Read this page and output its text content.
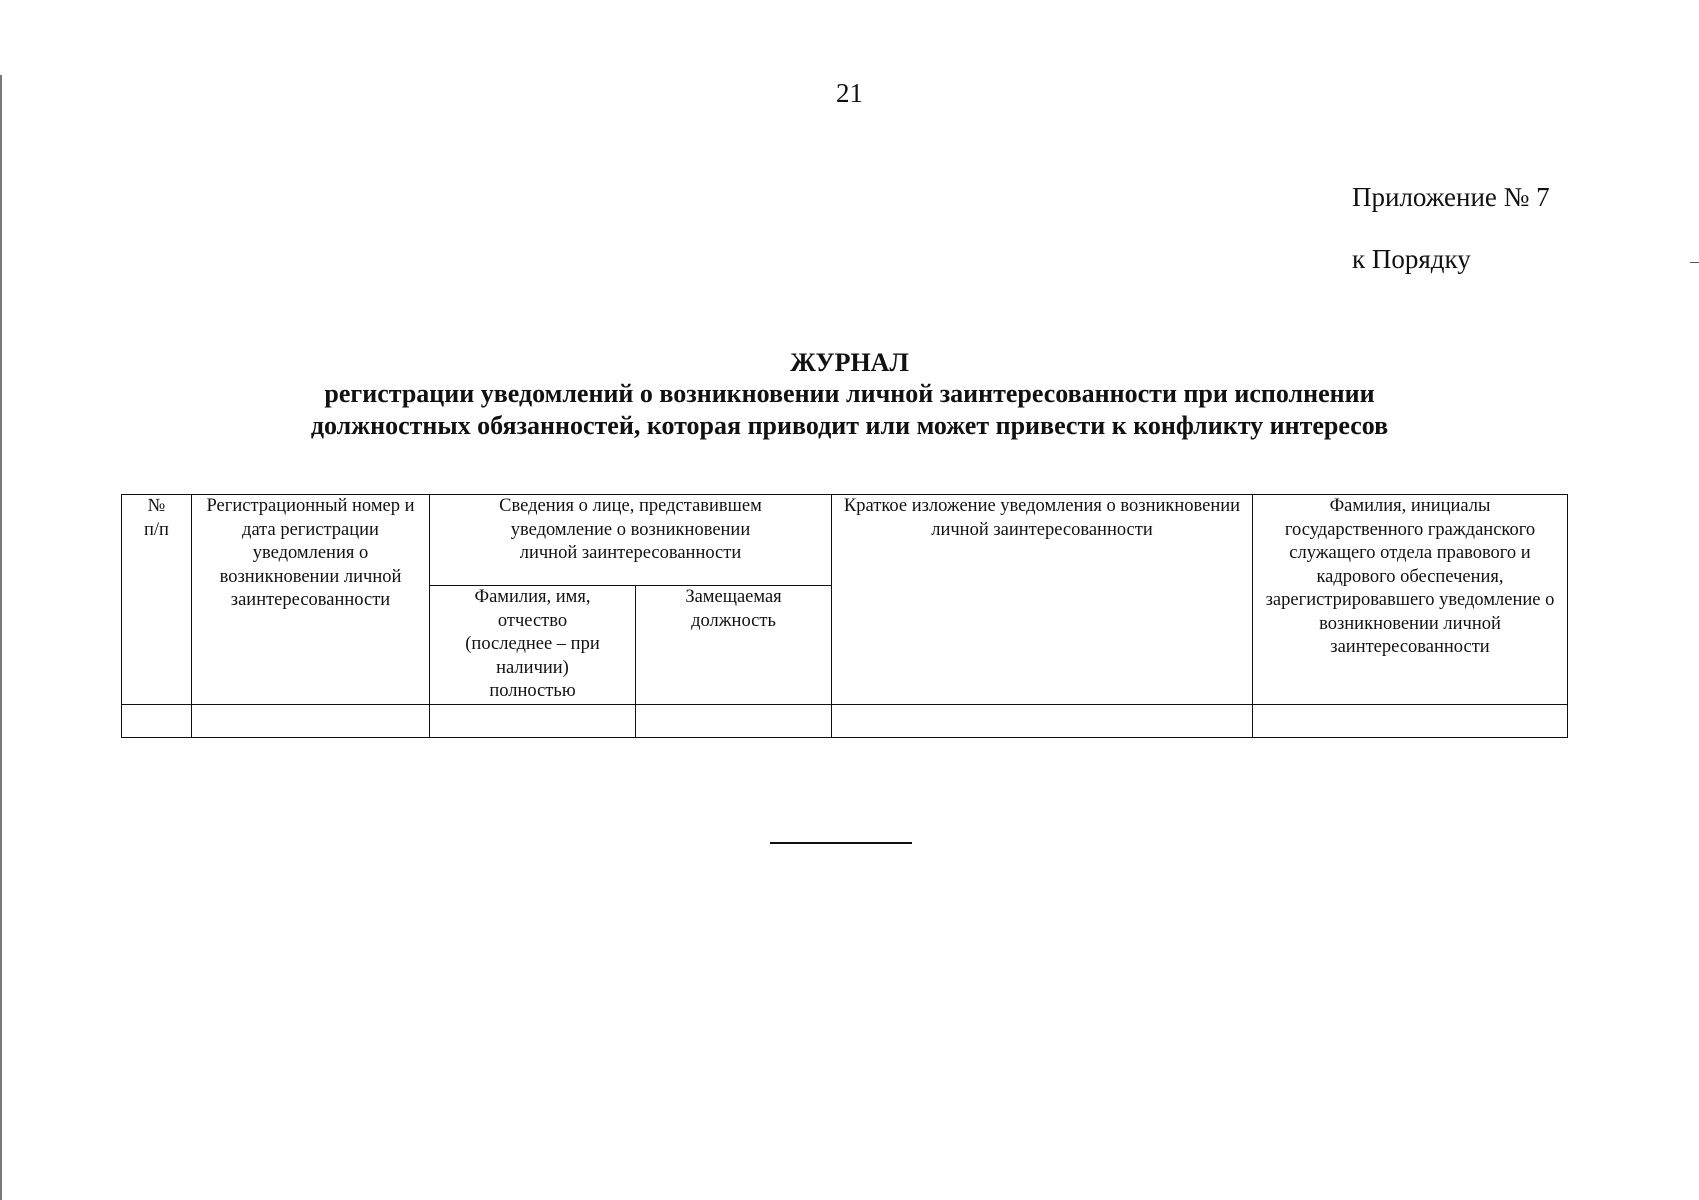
21
Приложение № 7
к Порядку
ЖУРНАЛ
регистрации уведомлений о возникновении личной заинтересованности при исполнении
должностных обязанностей, которая приводит или может привести к конфликту интересов
№ п/п	Регистрационный номер и дата регистрации уведомления о возникновении личной заинтересованности	Сведения о лице, представившем уведомление о возникновении личной заинтересованности		Краткое изложение уведомления о возникновении личной заинтересованности	Фамилия, инициалы государственного гражданского служащего отдела правового и кадрового обеспечения, зарегистрировавшего уведомление о возникновении личной заинтересованности

		Фамилия, имя, отчество (последнее – при наличии) полностью	Замещаемая должность		
